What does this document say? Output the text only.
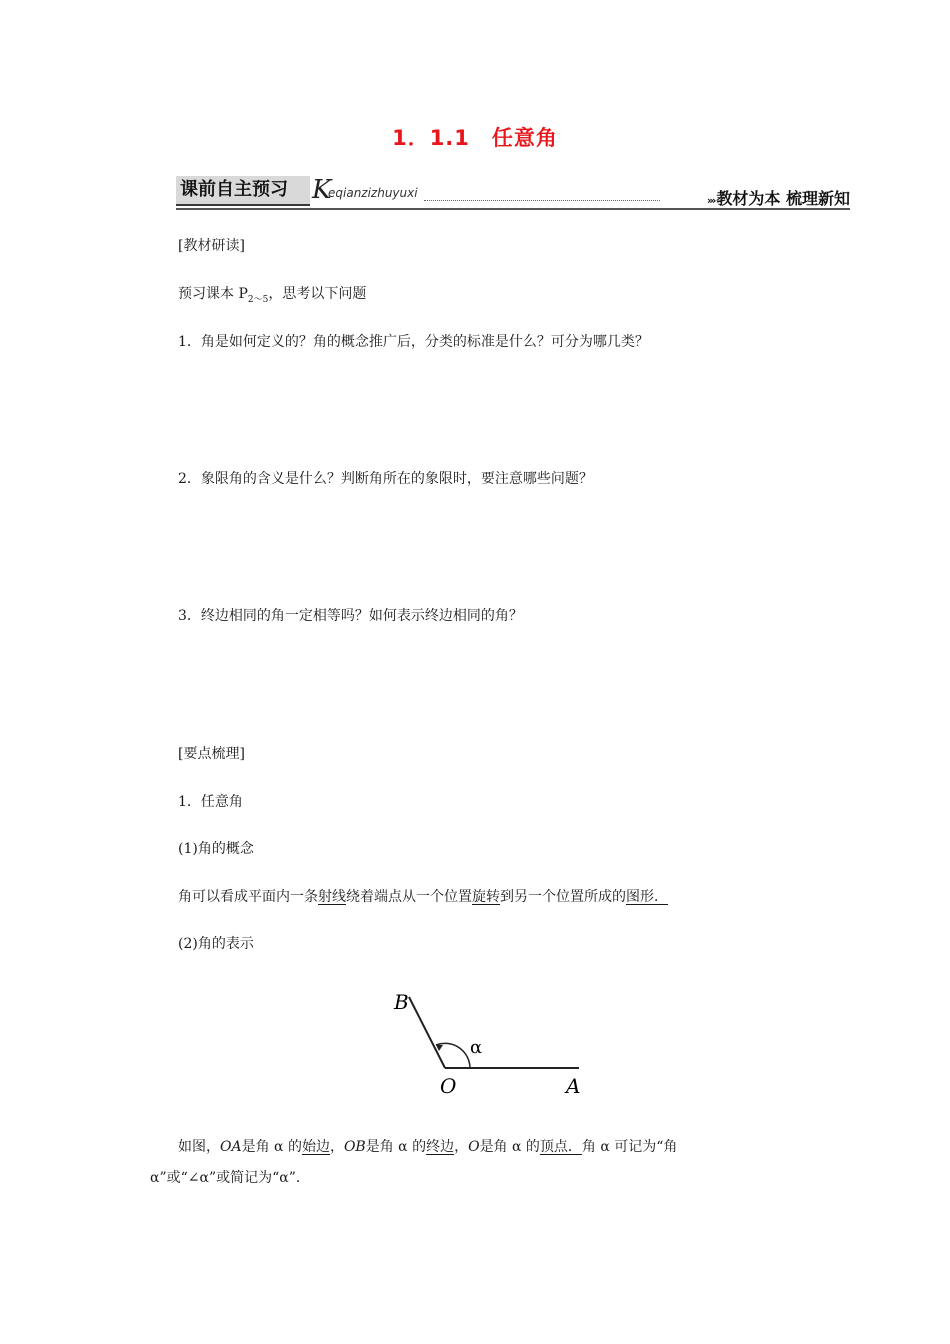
1．1.1　任意角
课前自主预习 K
eqianzizhuyuxi
››› 教材为本 梳理新知
[教材研读]
预习课本 $P_{2\sim 5}$，思考以下问题
1．角是如何定义的？角的概念推广后，分类的标准是什么？可分为哪几类？
2．象限角的含义是什么？判断角所在的象限时，要注意哪些问题？
3．终边相同的角一定相等吗？如何表示终边相同的角？
[要点梳理]
1．任意角
(1)角的概念
角可以看成平面内一条射线绕着端点从一个位置旋转到另一个位置所成的图形．
(2)角的表示
B
α
O	A
如图，OA是角 α 的始边，OB是角 α 的终边，O是角 α 的顶点．角 α 可记为“角
α”或“∠α”或简记为“α”．
